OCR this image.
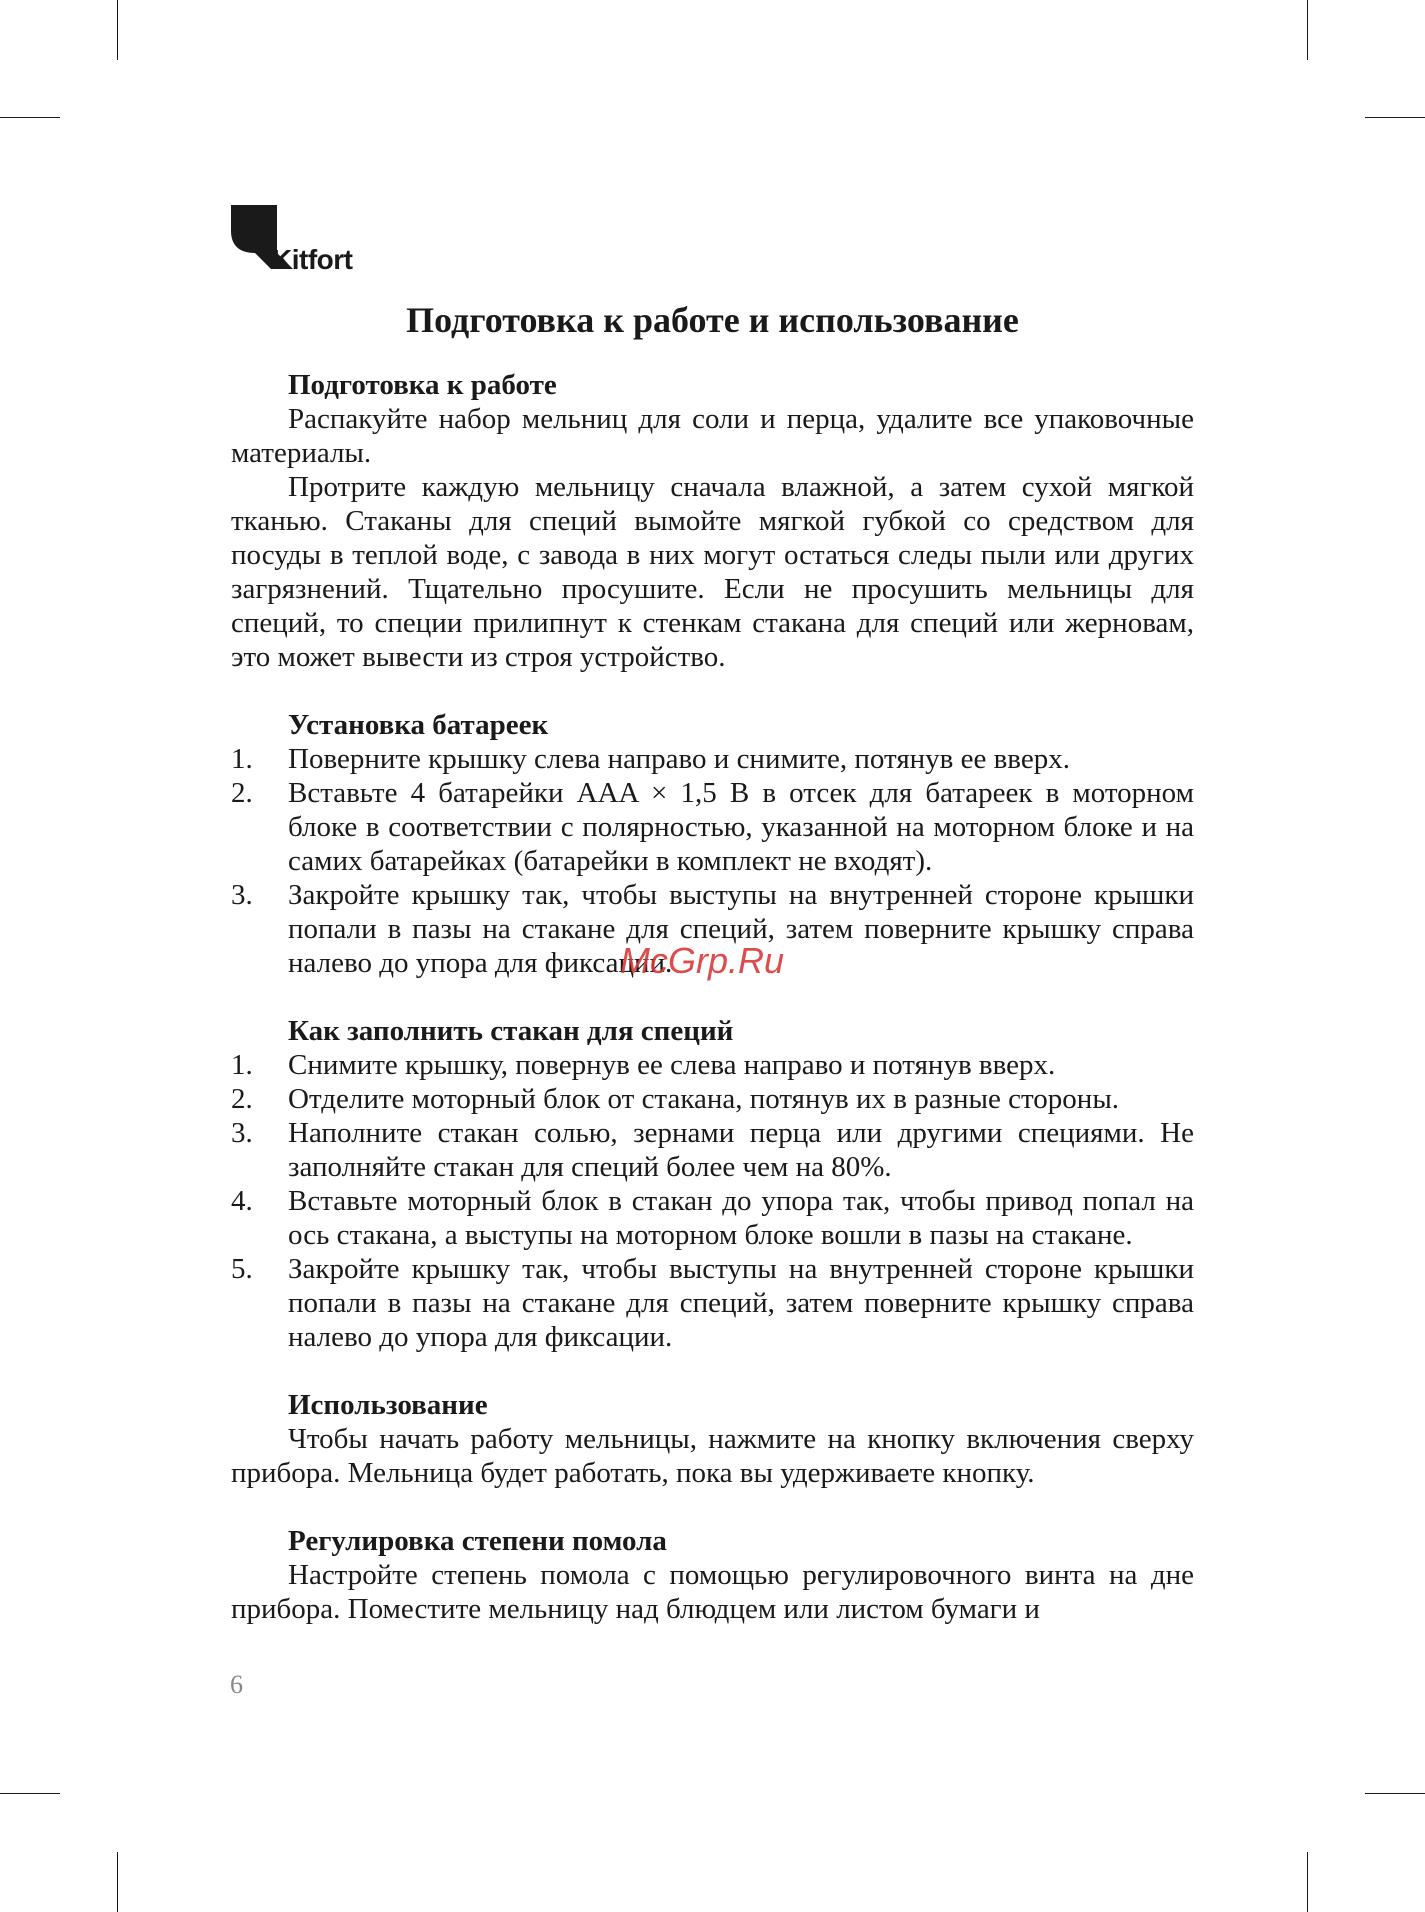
Kitfort
Подготовка к работе и использование
Подготовка к работе

Распакуйте набор мельниц для соли и перца, удалите все упаковочные материалы.

Протрите каждую мельницу сначала влажной, а затем сухой мягкой тканью. Стаканы для специй вымойте мягкой губкой со средством для посуды в теплой воде, с завода в них могут остаться следы пыли или других загрязнений. Тщательно просушите. Если не просушить мельницы для специй, то специи прилипнут к стенкам стакана для специй или жерновам, это может вывести из строя устройство.

Установка батареек
1. Поверните крышку слева направо и снимите, потянув ее вверх.
2. Вставьте 4 батарейки AAA × 1,5 В в отсек для батареек в моторном блоке в соответствии с полярностью, указанной на моторном блоке и на самих батарейках (батарейки в комплект не входят).
3. Закройте крышку так, чтобы выступы на внутренней стороне крышки попали в пазы на стакане для специй, затем поверните крышку справа налево до упора для фиксации.
Как заполнить стакан для специй
1. Снимите крышку, повернув ее слева направо и потянув вверх.
2. Отделите моторный блок от стакана, потянув их в разные стороны.
3. Наполните стакан солью, зернами перца или другими специями. Не заполняйте стакан для специй более чем на 80%.
4. Вставьте моторный блок в стакан до упора так, чтобы привод попал на ось стакана, а выступы на моторном блоке вошли в пазы на стакане.
5. Закройте крышку так, чтобы выступы на внутренней стороне крышки попали в пазы на стакане для специй, затем поверните крышку справа налево до упора для фиксации.
Использование

Чтобы начать работу мельницы, нажмите на кнопку включения сверху прибора. Мельница будет работать, пока вы удерживаете кнопку.

Регулировка степени помола

Настройте степень помола с помощью регулировочного винта на дне прибора. Поместите мельницу над блюдцем или листом бумаги и

McGrp.Ru
6
